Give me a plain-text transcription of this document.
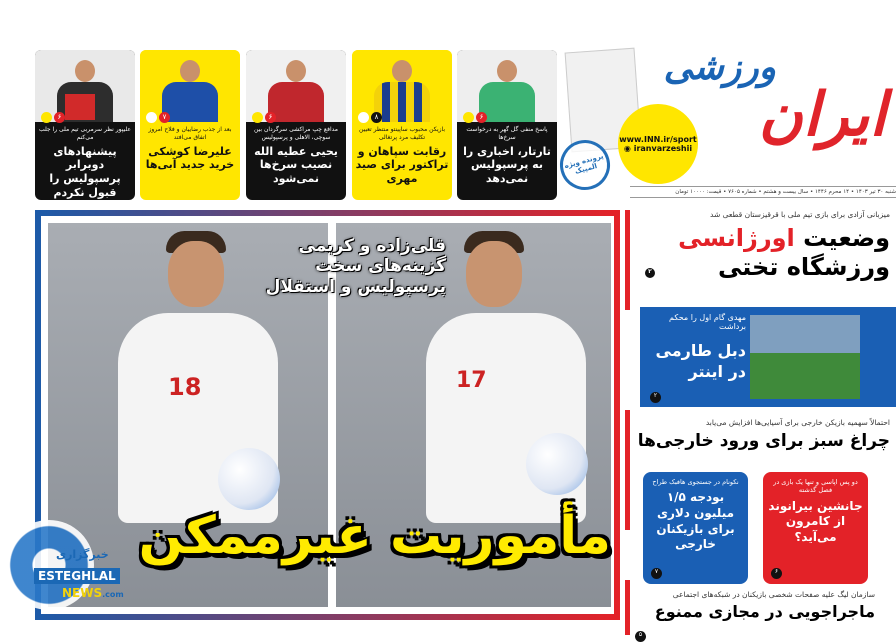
۶
علیپور نظر سرمربی تیم ملی را جلب می‌کنم
پیشنهادهای دوبرابر پرسپولیس را قبول نکردم
۷
بعد از جذب رضاییان و فلاح امروز اتفاق می‌افتد
علیرضا کوشکی خرید جدید آبی‌ها
۶
مدافع چپ مراکشی سرگردان بین سوچی، الاهلی و پرسپولیس
یحیی عطیه الله نصیب سرخ‌ها نمی‌شود
۸
بازیکن محبوب ساپینتو منتظر تعیین تکلیف مرد پرتغالی
رقابت سپاهان و تراکتور برای صید مهری
۶
پاسخ منفی گل گهر به درخواست سرخ‌ها
تارتار، اخباری را به پرسپولیس نمی‌دهد
پرونده ویژه المپیک
www.INN.ir/sport
◉ iranvarzeshii
ورزشی
ایران
شنبه ۳۰ تیر ۱۴۰۳ • ۱۴ محرم ۱۴۴۶ • سال بیست و هشتم • شماره ۷۶۰۵ • قیمت: ۱۰۰۰۰ تومان
18	17
قلی‌زاده و کریمی گزینه‌های سخت پرسپولیس و استقلال
مأموریت غیرممکن
خبرگزاری
ESTEGHLAL
NEWS.com
میزبانی آزادی برای بازی تیم ملی با قرقیزستان قطعی شد
وضعیت اورژانسی
ورزشگاه تختی
۲
مهدی گام اول را محکم برداشت
دبل طارمی در اینتر
۲
احتمالاً سهمیه بازیکن خارجی برای آسیایی‌ها افزایش می‌یابد
چراغ سبز برای ورود خارجی‌ها
دو پس اپاسی و تنها یک بازی در فصل گذشته
جانشین بیرانوند از کامرون می‌آید؟
۶
نکونام در جستجوی هافبک طراح
بودجه ۱/۵ میلیون دلاری برای بازیکنان خارجی
۷
سازمان لیگ علیه صفحات شخصی بازیکنان در شبکه‌های اجتماعی
ماجراجویی در مجازی ممنوع
۵
